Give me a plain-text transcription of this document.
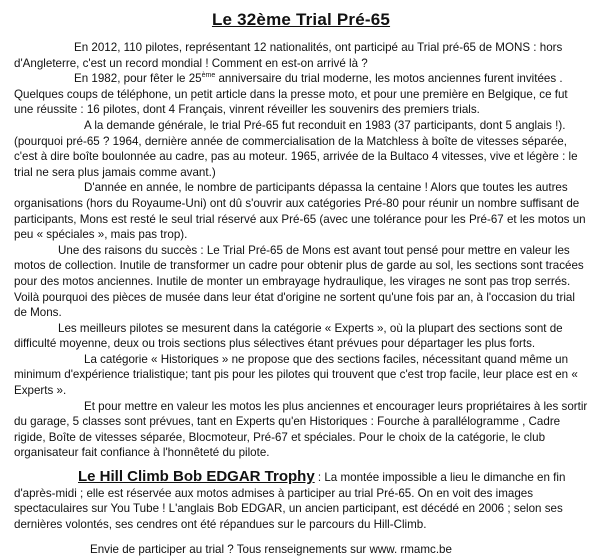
Le 32ème Trial Pré-65

En 2012, 110 pilotes, représentant 12 nationalités, ont participé au Trial pré-65 de MONS : hors d'Angleterre, c'est un record mondial ! Comment en est-on arrivé là ?

En 1982, pour fêter le 25ème anniversaire du trial moderne, les motos anciennes furent invitées . Quelques coups de téléphone, un petit article dans la presse moto, et pour une première en Belgique, ce fut une réussite : 16 pilotes, dont 4 Français, vinrent réveiller les souvenirs des premiers trials.

A la demande générale, le trial Pré-65 fut reconduit en 1983 (37 participants, dont 5 anglais !). (pourquoi pré-65 ? 1964, dernière année de commercialisation de la Matchless à boîte de vitesses séparée, c'est à dire boîte boulonnée au cadre, pas au moteur. 1965, arrivée de la Bultaco 4 vitesses, vive et légère : le trial ne sera plus jamais comme avant.)

D'année en année, le nombre de participants dépassa la centaine ! Alors que toutes les autres organisations (hors du Royaume-Uni) ont dû s'ouvrir aux catégories Pré-80 pour réunir un nombre suffisant de participants, Mons est resté le seul trial réservé aux Pré-65 (avec une tolérance pour les Pré-67 et les motos un peu « spéciales », mais pas trop).

Une des raisons du succès : Le Trial Pré-65 de Mons est avant tout pensé pour mettre en valeur les motos de collection. Inutile de transformer un cadre pour obtenir plus de garde au sol, les sections sont tracées pour des motos anciennes. Inutile de monter un embrayage hydraulique, les virages ne sont pas trop serrés. Voilà pourquoi des pièces de musée dans leur état d'origine ne sortent qu'une fois par an, à l'occasion du trial de Mons.

Les meilleurs pilotes se mesurent dans la catégorie « Experts », où la plupart des sections sont de difficulté moyenne, deux ou trois sections plus sélectives étant prévues pour départager les plus forts.

La catégorie « Historiques » ne propose que des sections faciles, nécessitant quand même un minimum d'expérience trialistique; tant pis pour les pilotes qui trouvent que c'est trop facile, leur place est en « Experts ».

Et pour mettre en valeur les motos les plus anciennes et encourager leurs propriétaires à les sortir du garage, 5 classes sont prévues, tant en Experts qu'en Historiques : Fourche à parallélogramme , Cadre rigide, Boîte de vitesses séparée, Blocmoteur, Pré-67 et spéciales. Pour le choix de la catégorie, le club organisateur fait confiance à l'honnêteté du pilote.

Le Hill Climb Bob EDGAR Trophy : La montée impossible a lieu le dimanche en fin d'après-midi ; elle est réservée aux motos admises à participer au trial Pré-65. On en voit des images spectaculaires sur You Tube ! L'anglais Bob EDGAR, un ancien participant, est décédé en 2006 ; selon ses dernières volontés, ses cendres ont été répandues sur le parcours du Hill-Climb.

Envie de participer au trial ? Tous renseignements sur www. rmamc.be
